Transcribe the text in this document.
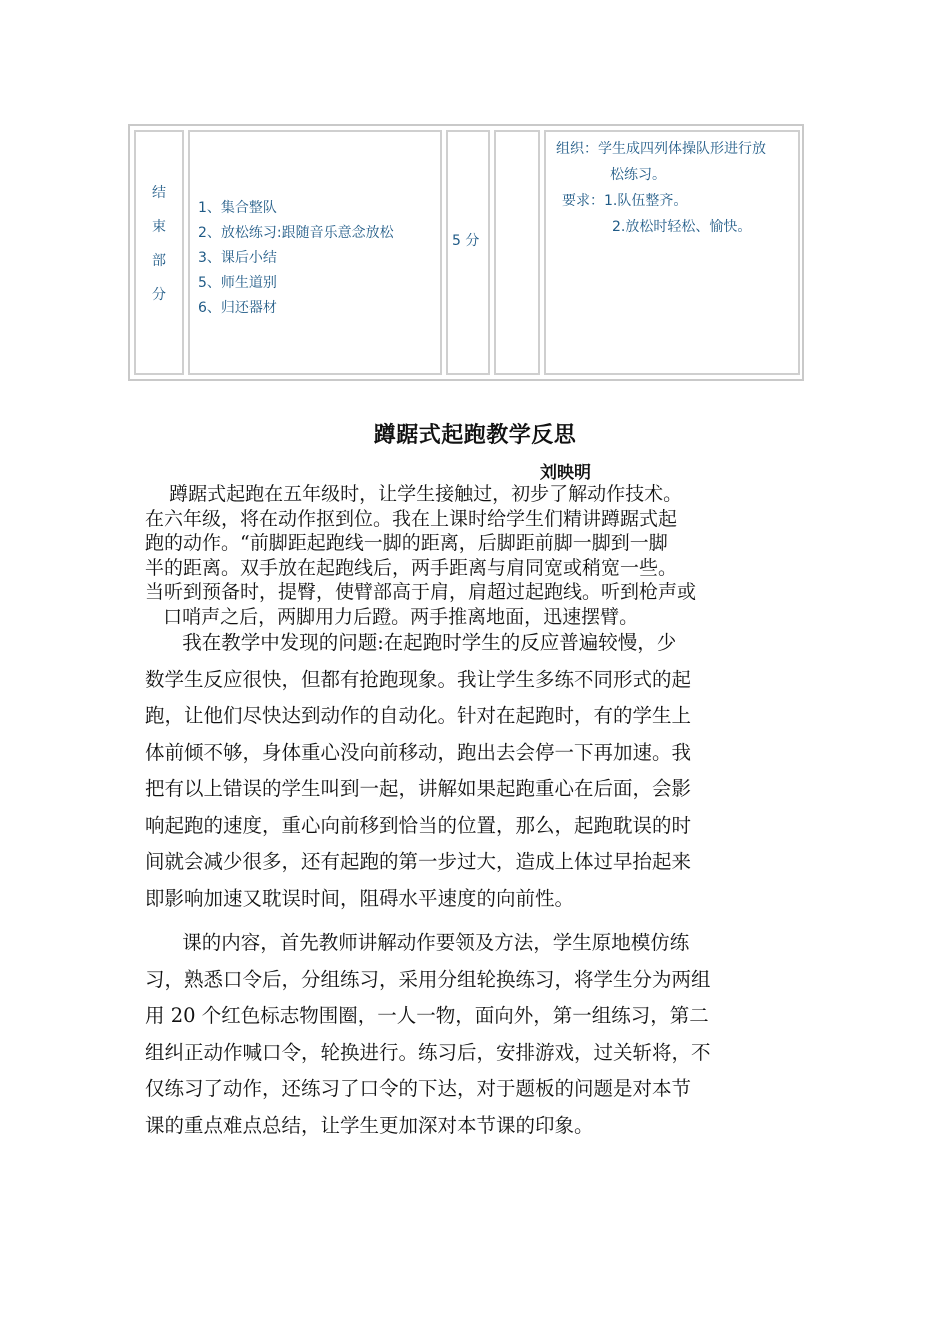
结
束
部
分
1、集合整队
2、放松练习:跟随音乐意念放松
3、课后小结
5、师生道别
6、归还器材
5 分
组织：学生成四列体操队形进行放
松练习。
要求：1.队伍整齐。
2.放松时轻松、愉快。
蹲踞式起跑教学反思
刘映明
蹲踞式起跑在五年级时，让学生接触过，初步了解动作技术。
在六年级，将在动作抠到位。我在上课时给学生们精讲蹲踞式起
跑的动作。“前脚距起跑线一脚的距离，后脚距前脚一脚到一脚
半的距离。双手放在起跑线后，两手距离与肩同宽或稍宽一些。
当听到预备时，提臀，使臂部高于肩，肩超过起跑线。听到枪声或
口哨声之后，两脚用力后蹬。两手推离地面，迅速摆臂。
我在教学中发现的问题:在起跑时学生的反应普遍较慢，少
数学生反应很快，但都有抢跑现象。我让学生多练不同形式的起
跑，让他们尽快达到动作的自动化。针对在起跑时，有的学生上
体前倾不够，身体重心没向前移动，跑出去会停一下再加速。我
把有以上错误的学生叫到一起，讲解如果起跑重心在后面，会影
响起跑的速度，重心向前移到恰当的位置，那么，起跑耽误的时
间就会减少很多，还有起跑的第一步过大，造成上体过早抬起来
即影响加速又耽误时间，阻碍水平速度的向前性。
课的内容，首先教师讲解动作要领及方法，学生原地模仿练
习，熟悉口令后，分组练习，采用分组轮换练习，将学生分为两组
用 20 个红色标志物围圈，一人一物，面向外，第一组练习，第二
组纠正动作喊口令，轮换进行。练习后，安排游戏，过关斩将，不
仅练习了动作，还练习了口令的下达，对于题板的问题是对本节
课的重点难点总结，让学生更加深对本节课的印象。
